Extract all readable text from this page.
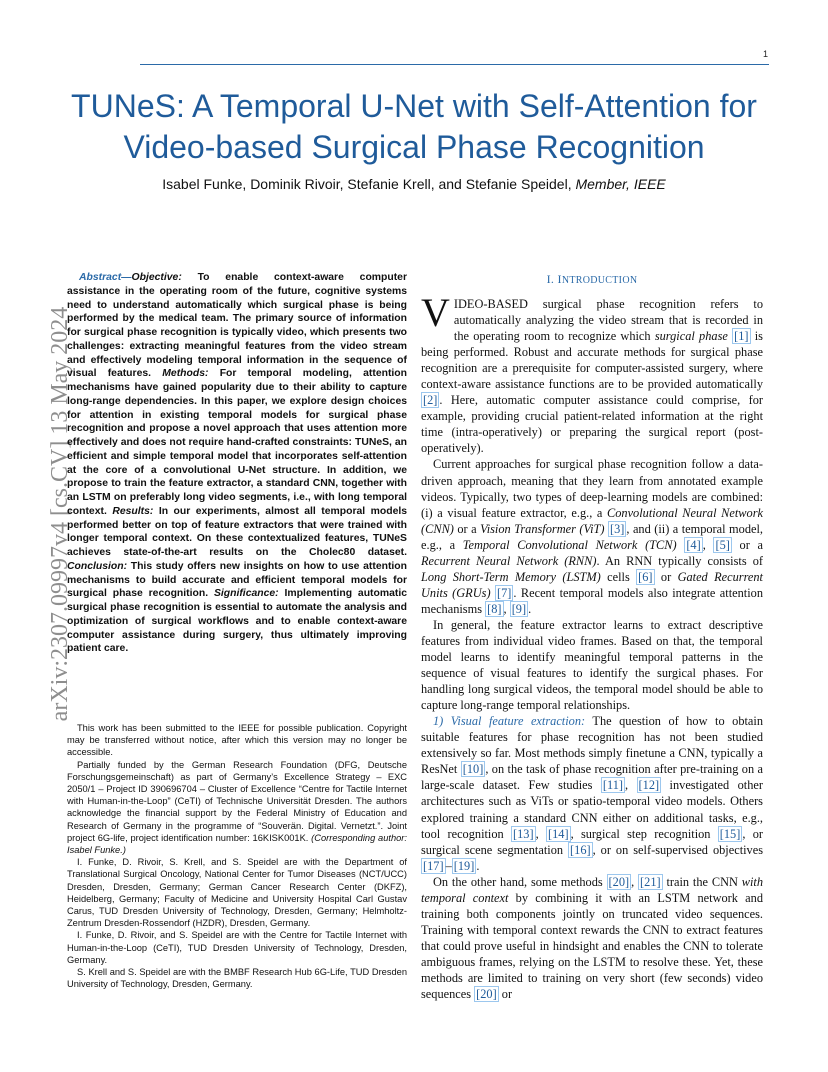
1
TUNeS: A Temporal U-Net with Self-Attention for Video-based Surgical Phase Recognition
Isabel Funke, Dominik Rivoir, Stefanie Krell, and Stefanie Speidel, Member, IEEE
arXiv:2307.09997v4 [cs.CV] 13 May 2024

Abstract—Objective: To enable context-aware computer assistance in the operating room of the future, cognitive systems need to understand automatically which surgical phase is being performed by the medical team. The primary source of information for surgical phase recognition is typically video, which presents two challenges: extracting meaningful features from the video stream and effectively modeling temporal information in the sequence of visual features. Methods: For temporal modeling, attention mechanisms have gained popularity due to their ability to capture long-range dependencies. In this paper, we explore design choices for attention in existing temporal models for surgical phase recognition and propose a novel approach that uses attention more effectively and does not require hand-crafted constraints: TUNeS, an efficient and simple temporal model that incorporates self-attention at the core of a convolutional U-Net structure. In addition, we propose to train the feature extractor, a standard CNN, together with an LSTM on preferably long video segments, i.e., with long temporal context. Results: In our experiments, almost all temporal models performed better on top of feature extractors that were trained with longer temporal context. On these contextualized features, TUNeS achieves state-of-the-art results on the Cholec80 dataset. Conclusion: This study offers new insights on how to use attention mechanisms to build accurate and efficient temporal models for surgical phase recognition. Significance: Implementing automatic surgical phase recognition is essential to automate the analysis and optimization of surgical workflows and to enable context-aware computer assistance during surgery, thus ultimately improving patient care.

This work has been submitted to the IEEE for possible publication. Copyright may be transferred without notice, after which this version may no longer be accessible.

Partially funded by the German Research Foundation (DFG, Deutsche Forschungsgemeinschaft) as part of Germany’s Excellence Strategy – EXC 2050/1 – Project ID 390696704 – Cluster of Excellence “Centre for Tactile Internet with Human-in-the-Loop” (CeTI) of Technische Universität Dresden. The authors acknowledge the financial support by the Federal Ministry of Education and Research of Germany in the programme of “Souverän. Digital. Vernetzt.”. Joint project 6G-life, project identification number: 16KISK001K. (Corresponding author: Isabel Funke.)

I. Funke, D. Rivoir, S. Krell, and S. Speidel are with the Department of Translational Surgical Oncology, National Center for Tumor Diseases (NCT/UCC) Dresden, Dresden, Germany; German Cancer Research Center (DKFZ), Heidelberg, Germany; Faculty of Medicine and University Hospital Carl Gustav Carus, TUD Dresden University of Technology, Dresden, Germany; Helmholtz-Zentrum Dresden-Rossendorf (HZDR), Dresden, Germany.

I. Funke, D. Rivoir, and S. Speidel are with the Centre for Tactile Internet with Human-in-the-Loop (CeTI), TUD Dresden University of Technology, Dresden, Germany.

S. Krell and S. Speidel are with the BMBF Research Hub 6G-Life, TUD Dresden University of Technology, Dresden, Germany.

I. INTRODUCTION

VIDEO-BASED surgical phase recognition refers to automatically analyzing the video stream that is recorded in the operating room to recognize which surgical phase [1] is being performed. Robust and accurate methods for surgical phase recognition are a prerequisite for computer-assisted surgery, where context-aware assistance functions are to be provided automatically [2] . Here, automatic computer assistance could comprise, for example, providing crucial patient-related information at the right time (intra-operatively) or preparing the surgical report (post-operatively).

Current approaches for surgical phase recognition follow a data-driven approach, meaning that they learn from annotated example videos. Typically, two types of deep-learning models are combined: (i) a visual feature extractor, e.g., a Convolutional Neural Network (CNN) or a Vision Transformer (ViT) [3] , and (ii) a temporal model, e.g., a Temporal Convolutional Network (TCN) [4] , [5] or a Recurrent Neural Network (RNN). An RNN typically consists of Long Short-Term Memory (LSTM) cells [6] or Gated Recurrent Units (GRUs) [7] . Recent temporal models also integrate attention mechanisms [8] , [9] .

In general, the feature extractor learns to extract descriptive features from individual video frames. Based on that, the temporal model learns to identify meaningful temporal patterns in the sequence of visual features to identify the surgical phases. For handling long surgical videos, the temporal model should be able to capture long-range temporal relationships.

1) Visual feature extraction: The question of how to obtain suitable features for phase recognition has not been studied extensively so far. Most methods simply finetune a CNN, typically a ResNet [10] , on the task of phase recognition after pre-training on a large-scale dataset. Few studies [11] , [12] investigated other architectures such as ViTs or spatio-temporal video models. Others explored training a standard CNN either on additional tasks, e.g., tool recognition [13] , [14] , surgical step recognition [15] , or surgical scene segmentation [16] , or on self-supervised objectives [17] – [19] .

On the other hand, some methods [20] , [21] train the CNN with temporal context by combining it with an LSTM network and training both components jointly on truncated video sequences. Training with temporal context rewards the CNN to extract features that could prove useful in hindsight and enables the CNN to tolerate ambiguous frames, relying on the LSTM to resolve these. Yet, these methods are limited to training on very short (few seconds) video sequences [20] or
